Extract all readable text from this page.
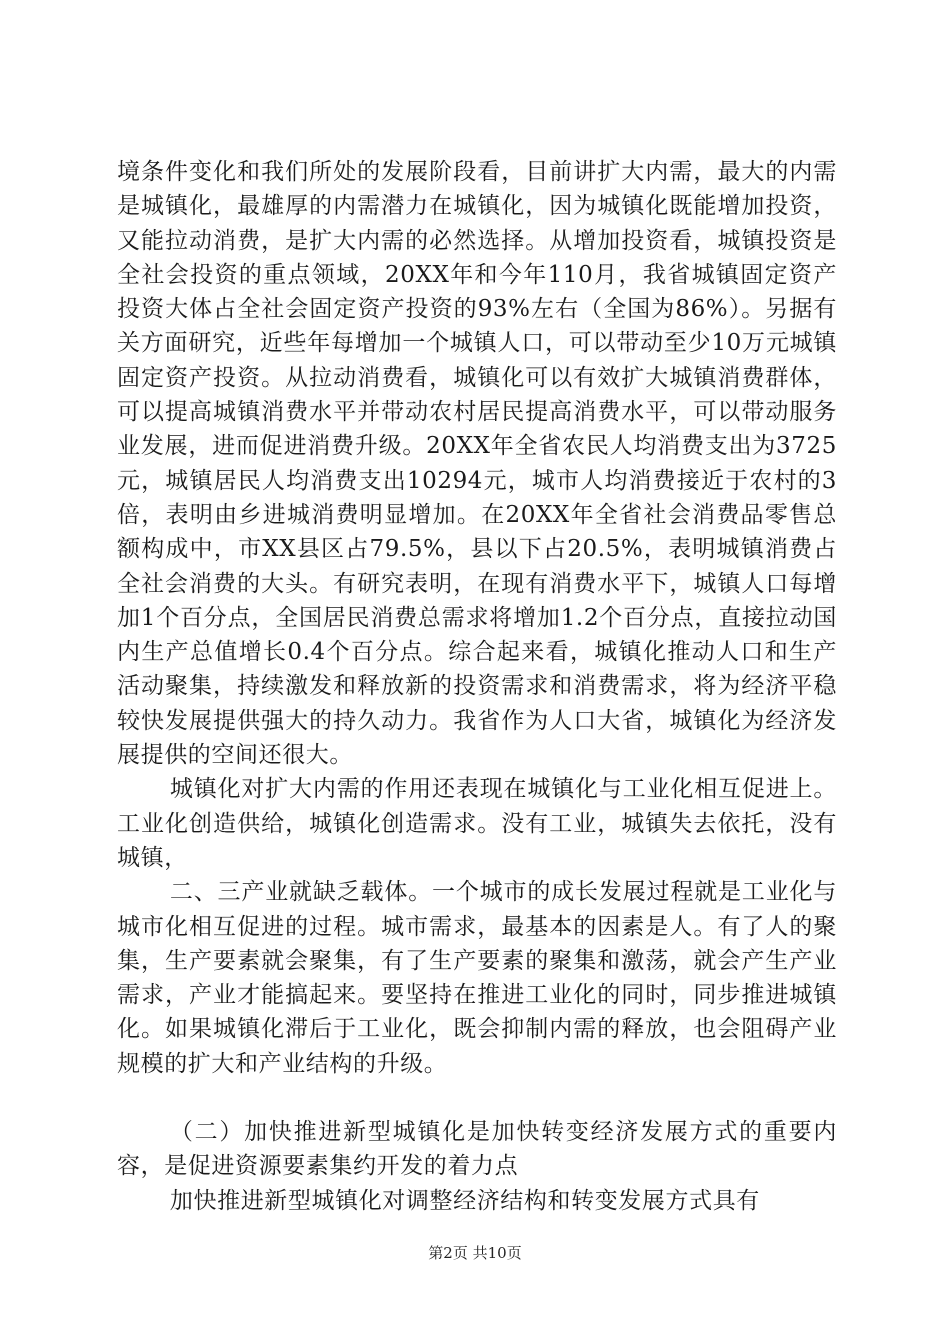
境条件变化和我们所处的发展阶段看，目前讲扩大内需，最大的内需是城镇化，最雄厚的内需潜力在城镇化，因为城镇化既能增加投资，又能拉动消费，是扩大内需的必然选择。从增加投资看，城镇投资是全社会投资的重点领域，20XX年和今年110月，我省城镇固定资产投资大体占全社会固定资产投资的93%左右（全国为86%）。另据有关方面研究，近些年每增加一个城镇人口，可以带动至少10万元城镇固定资产投资。从拉动消费看，城镇化可以有效扩大城镇消费群体，可以提高城镇消费水平并带动农村居民提高消费水平，可以带动服务业发展，进而促进消费升级。20XX年全省农民人均消费支出为3725元，城镇居民人均消费支出10294元，城市人均消费接近于农村的3倍，表明由乡进城消费明显增加。在20XX年全省社会消费品零售总额构成中，市XX县区占79.5%，县以下占20.5%，表明城镇消费占全社会消费的大头。有研究表明，在现有消费水平下，城镇人口每增加1个百分点，全国居民消费总需求将增加1.2个百分点，直接拉动国内生产总值增长0.4个百分点。综合起来看，城镇化推动人口和生产活动聚集，持续激发和释放新的投资需求和消费需求，将为经济平稳较快发展提供强大的持久动力。我省作为人口大省，城镇化为经济发展提供的空间还很大。

城镇化对扩大内需的作用还表现在城镇化与工业化相互促进上。工业化创造供给，城镇化创造需求。没有工业，城镇失去依托，没有城镇，

二、三产业就缺乏载体。一个城市的成长发展过程就是工业化与城市化相互促进的过程。城市需求，最基本的因素是人。有了人的聚集，生产要素就会聚集，有了生产要素的聚集和激荡，就会产生产业需求，产业才能搞起来。要坚持在推进工业化的同时，同步推进城镇化。如果城镇化滞后于工业化，既会抑制内需的释放，也会阻碍产业规模的扩大和产业结构的升级。

（二）加快推进新型城镇化是加快转变经济发展方式的重要内容，是促进资源要素集约开发的着力点

加快推进新型城镇化对调整经济结构和转变发展方式具有

第2页 共10页
